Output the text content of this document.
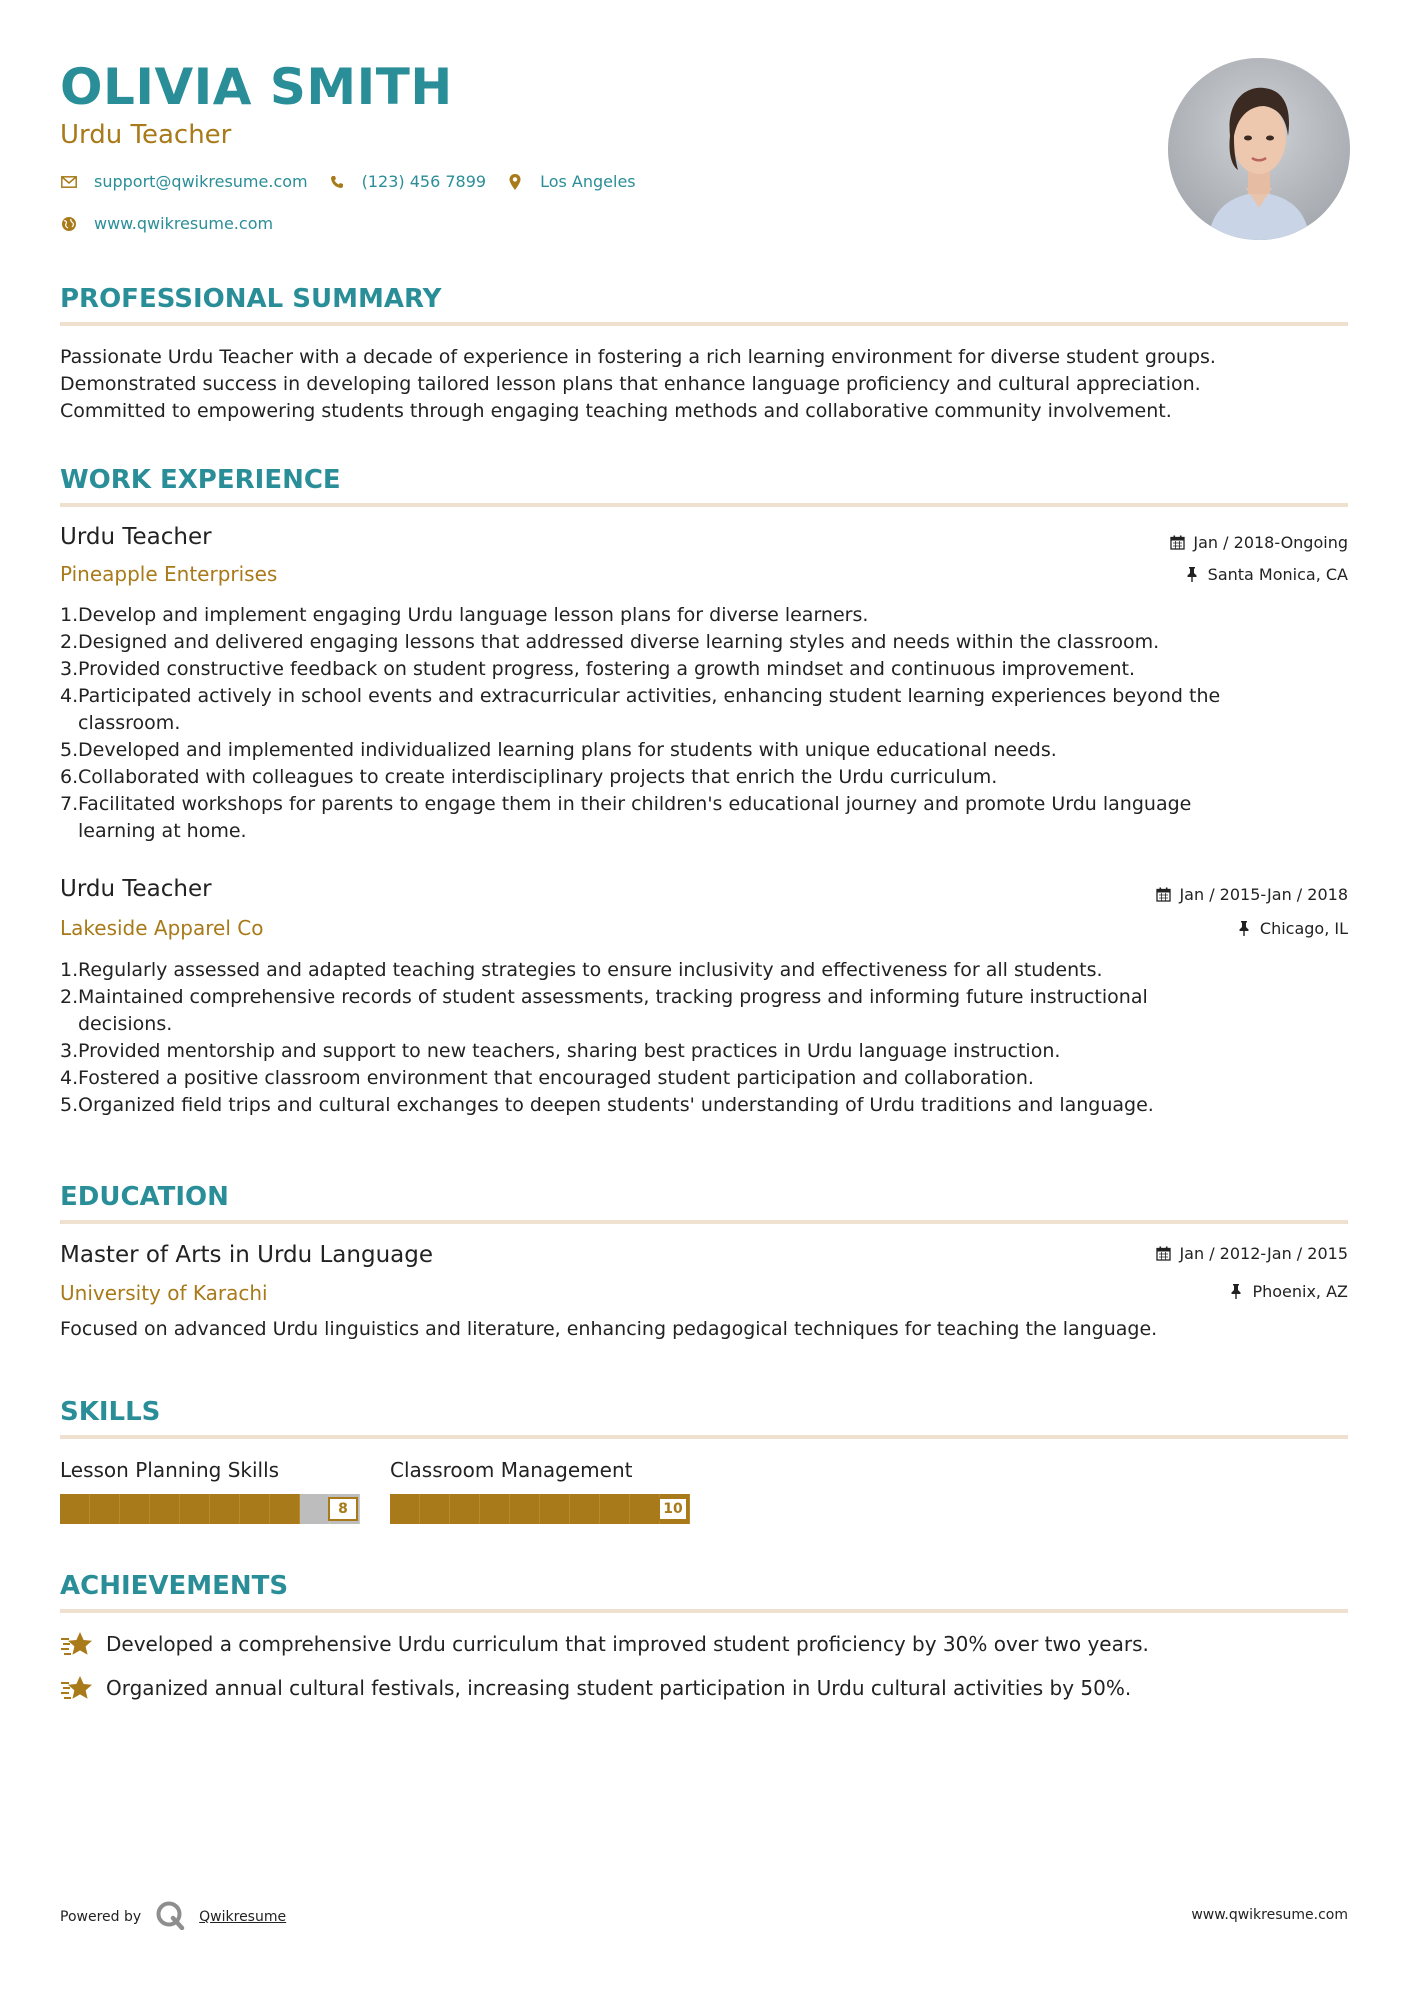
OLIVIA SMITH
Urdu Teacher
support@qwikresume.com	(123) 456 7899	Los Angeles
www.qwikresume.com
PROFESSIONAL SUMMARY
Passionate Urdu Teacher with a decade of experience in fostering a rich learning environment for diverse student groups.
Demonstrated success in developing tailored lesson plans that enhance language proficiency and cultural appreciation.
Committed to empowering students through engaging teaching methods and collaborative community involvement.
WORK EXPERIENCE
Urdu Teacher	Jan / 2018-Ongoing
Pineapple Enterprises	Santa Monica, CA
1. Develop and implement engaging Urdu language lesson plans for diverse learners.
2. Designed and delivered engaging lessons that addressed diverse learning styles and needs within the classroom.
3. Provided constructive feedback on student progress, fostering a growth mindset and continuous improvement.
4. Participated actively in school events and extracurricular activities, enhancing student learning experiences beyond the
classroom.
5. Developed and implemented individualized learning plans for students with unique educational needs.
6. Collaborated with colleagues to create interdisciplinary projects that enrich the Urdu curriculum.
7. Facilitated workshops for parents to engage them in their children's educational journey and promote Urdu language
learning at home.
Urdu Teacher	Jan / 2015-Jan / 2018
Lakeside Apparel Co	Chicago, IL
1. Regularly assessed and adapted teaching strategies to ensure inclusivity and effectiveness for all students.
2. Maintained comprehensive records of student assessments, tracking progress and informing future instructional
decisions.
3. Provided mentorship and support to new teachers, sharing best practices in Urdu language instruction.
4. Fostered a positive classroom environment that encouraged student participation and collaboration.
5. Organized field trips and cultural exchanges to deepen students' understanding of Urdu traditions and language.
EDUCATION
Master of Arts in Urdu Language	Jan / 2012-Jan / 2015
University of Karachi	Phoenix, AZ
Focused on advanced Urdu linguistics and literature, enhancing pedagogical techniques for teaching the language.
SKILLS
Lesson Planning Skills
8
Classroom Management
10
ACHIEVEMENTS
Developed a comprehensive Urdu curriculum that improved student proficiency by 30% over two years.
Organized annual cultural festivals, increasing student participation in Urdu cultural activities by 50%.
Powered by	Qwikresume	www.qwikresume.com
